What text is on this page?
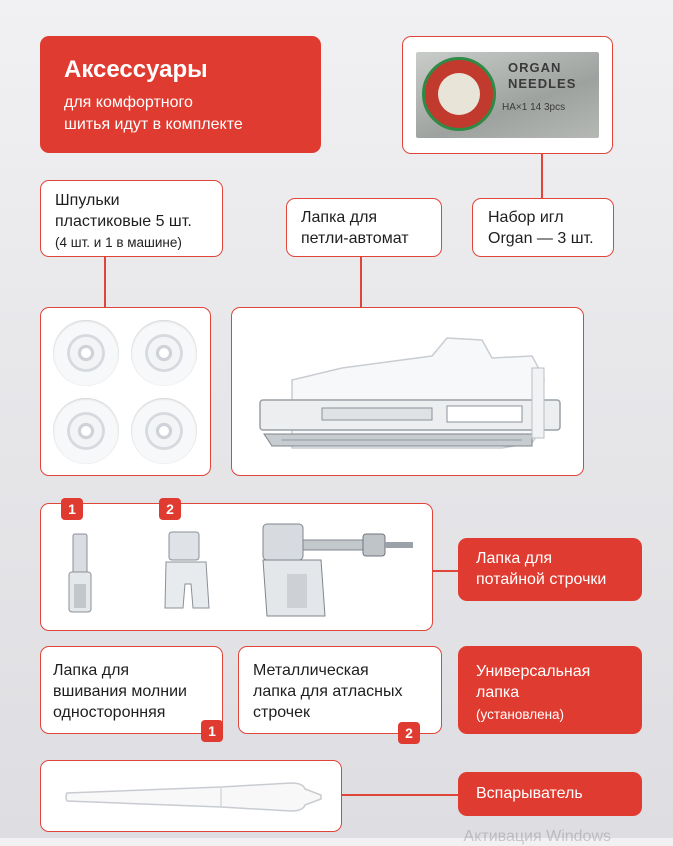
Аксессуары
для комфортного
шитья идут в комплекте
ORGAN
NEEDLES
HA×1 14 3pcs
Набор игл
Organ — 3 шт.
Шпульки
пластиковые 5 шт.
(4 шт. и 1 в машине)
Лапка для
петли-автомат
1	2
Лапка для
потайной строчки
Лапка для
вшивания молнии
односторонняя
1
Металлическая
лапка для атласных
строчек
2
Универсальная
лапка
(установлена)
Вспарыватель
Активация Windows
